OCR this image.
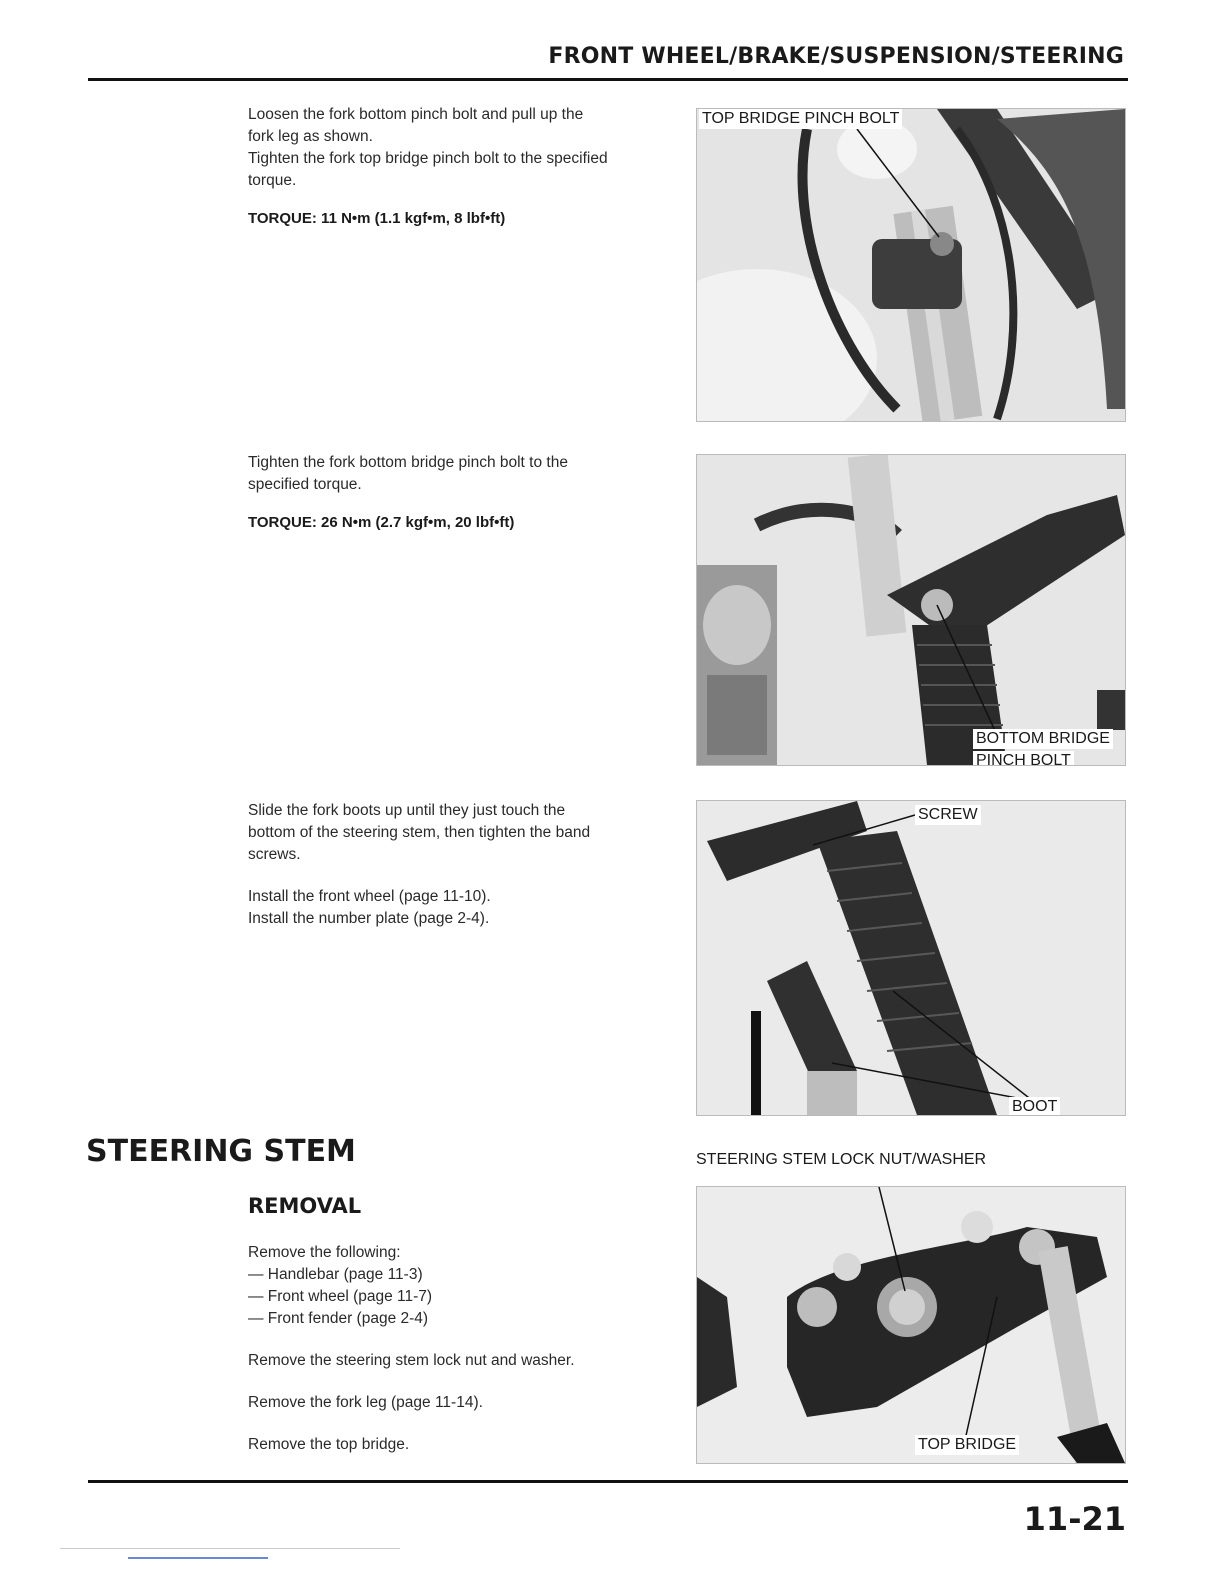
FRONT WHEEL/BRAKE/SUSPENSION/STEERING

Loosen the fork bottom pinch bolt and pull up the

fork leg as shown.

Tighten the fork top bridge pinch bolt to the specified

torque.

TORQUE: 11 N•m (1.1 kgf•m, 8 lbf•ft)

TOP BRIDGE PINCH BOLT

Tighten the fork bottom bridge pinch bolt to the

specified torque.

TORQUE: 26 N•m (2.7 kgf•m, 20 lbf•ft)

BOTTOM BRIDGE
PINCH BOLT

Slide the fork boots up until they just touch the

bottom of the steering stem, then tighten the band

screws.

Install the front wheel (page 11-10).

Install the number plate (page 2-4).

SCREW
BOOT
STEERING STEM
REMOVAL

Remove the following:

— Handlebar (page 11-3)

— Front wheel (page 11-7)

— Front fender (page 2-4)

Remove the steering stem lock nut and washer.

Remove the fork leg (page 11-14).

Remove the top bridge.

STEERING STEM LOCK NUT/WASHER
TOP BRIDGE
11-21
